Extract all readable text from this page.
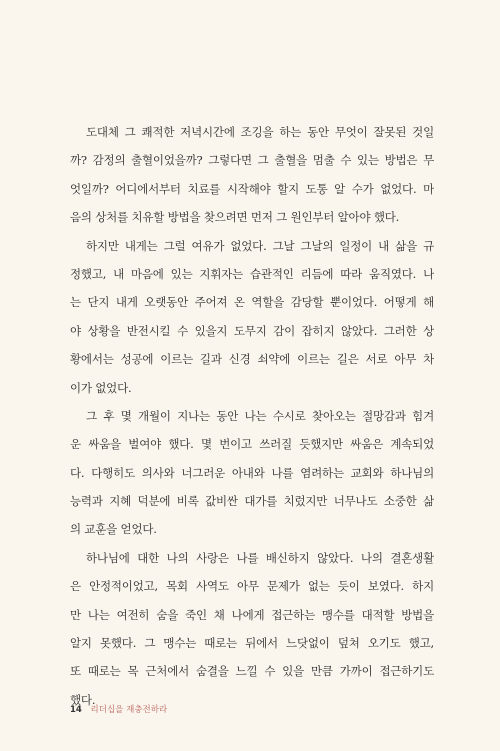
도대체 그 쾌적한 저녁시간에 조깅을 하는 동안 무엇이 잘못된 것일
까? 감정의 출혈이었을까? 그렇다면 그 출혈을 멈출 수 있는 방법은 무
엇일까? 어디에서부터 치료를 시작해야 할지 도통 알 수가 없었다. 마
음의 상처를 치유할 방법을 찾으려면 먼저 그 원인부터 알아야 했다.
하지만 내게는 그럴 여유가 없었다. 그날 그날의 일정이 내 삶을 규
정했고, 내 마음에 있는 지휘자는 습관적인 리듬에 따라 움직였다. 나
는 단지 내게 오랫동안 주어져 온 역할을 감당할 뿐이었다. 어떻게 해
야 상황을 반전시킬 수 있을지 도무지 감이 잡히지 않았다. 그러한 상
황에서는 성공에 이르는 길과 신경 쇠약에 이르는 길은 서로 아무 차
이가 없었다.
그 후 몇 개월이 지나는 동안 나는 수시로 찾아오는 절망감과 힘겨
운 싸움을 벌여야 했다. 몇 번이고 쓰러질 듯했지만 싸움은 계속되었
다. 다행히도 의사와 너그러운 아내와 나를 염려하는 교회와 하나님의
능력과 지혜 덕분에 비록 값비싼 대가를 치렀지만 너무나도 소중한 삶
의 교훈을 얻었다.
하나님에 대한 나의 사랑은 나를 배신하지 않았다. 나의 결혼생활
은 안정적이었고, 목회 사역도 아무 문제가 없는 듯이 보였다. 하지
만 나는 여전히 숨을 죽인 채 나에게 접근하는 맹수를 대적할 방법을
알지 못했다. 그 맹수는 때로는 뒤에서 느닷없이 덮쳐 오기도 했고,
또 때로는 목 근처에서 숨결을 느낄 수 있을 만큼 가까이 접근하기도
했다.
14 리더십을 재충전하라
